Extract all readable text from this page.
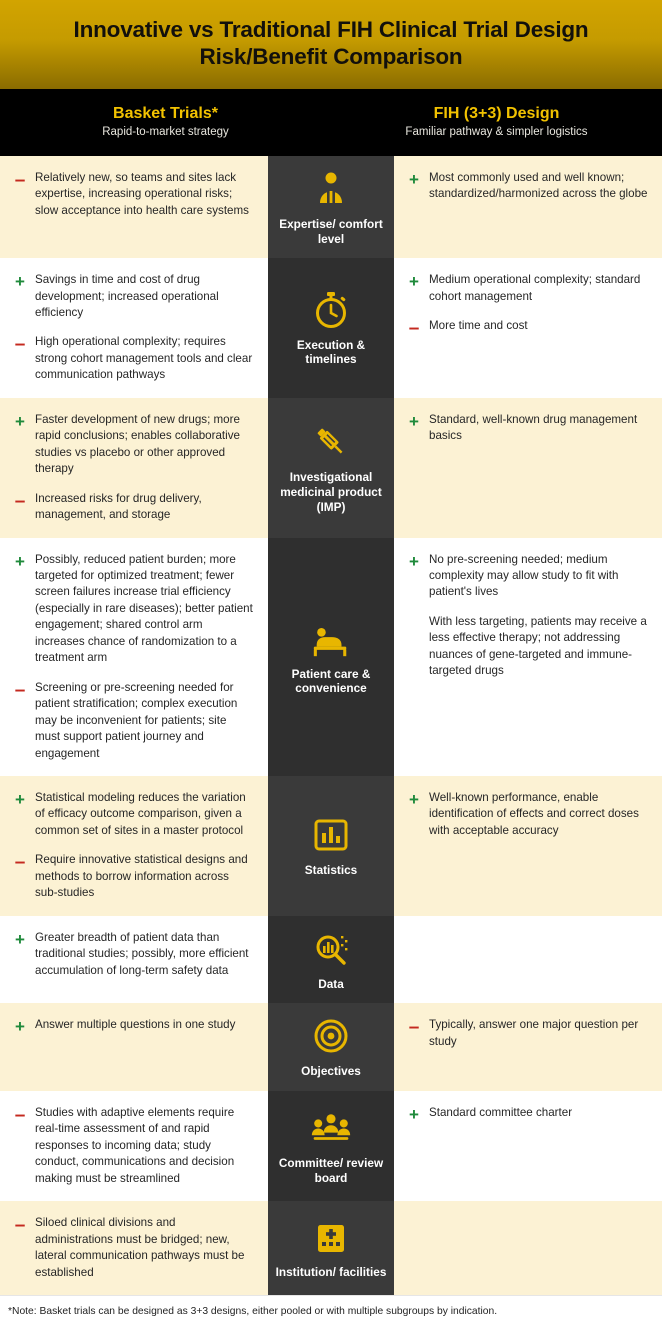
Innovative vs Traditional FIH Clinical Trial Design Risk/Benefit Comparison
Basket Trials*
Rapid-to-market strategy
FIH (3+3) Design
Familiar pathway & simpler logistics
– Relatively new, so teams and sites lack expertise, increasing operational risks; slow acceptance into health care systems
Expertise/ comfort level
+ Most commonly used and well known; standardized/harmonized across the globe
+ Savings in time and cost of drug development; increased operational efficiency
– High operational complexity; requires strong cohort management tools and clear communication pathways
Execution & timelines
+ Medium operational complexity; standard cohort management
– More time and cost
+ Faster development of new drugs; more rapid conclusions; enables collaborative studies vs placebo or other approved therapy
– Increased risks for drug delivery, management, and storage
Investigational medicinal product (IMP)
+ Standard, well-known drug management basics
+ Possibly, reduced patient burden; more targeted for optimized treatment; fewer screen failures increase trial efficiency (especially in rare diseases); better patient engagement; shared control arm increases chance of randomization to a treatment arm
– Screening or pre-screening needed for patient stratification; complex execution may be inconvenient for patients; site must support patient journey and engagement
Patient care & convenience
+ No pre-screening needed; medium complexity may allow study to fit with patient's lives
With less targeting, patients may receive a less effective therapy; not addressing nuances of gene-targeted and immune-targeted drugs
+ Statistical modeling reduces the variation of efficacy outcome comparison, given a common set of sites in a master protocol
– Require innovative statistical designs and methods to borrow information across sub-studies
Statistics
+ Well-known performance, enable identification of effects and correct doses with acceptable accuracy
+ Greater breadth of patient data than traditional studies; possibly, more efficient accumulation of long-term safety data
Data
+ Answer multiple questions in one study
Objectives
– Typically, answer one major question per study
– Studies with adaptive elements require real-time assessment of and rapid responses to incoming data; study conduct, communications and decision making must be streamlined
Committee/ review board
+ Standard committee charter
– Siloed clinical divisions and administrations must be bridged; new, lateral communication pathways must be established	Institution/ facilities
*Note: Basket trials can be designed as 3+3 designs, either pooled or with multiple subgroups by indication.
